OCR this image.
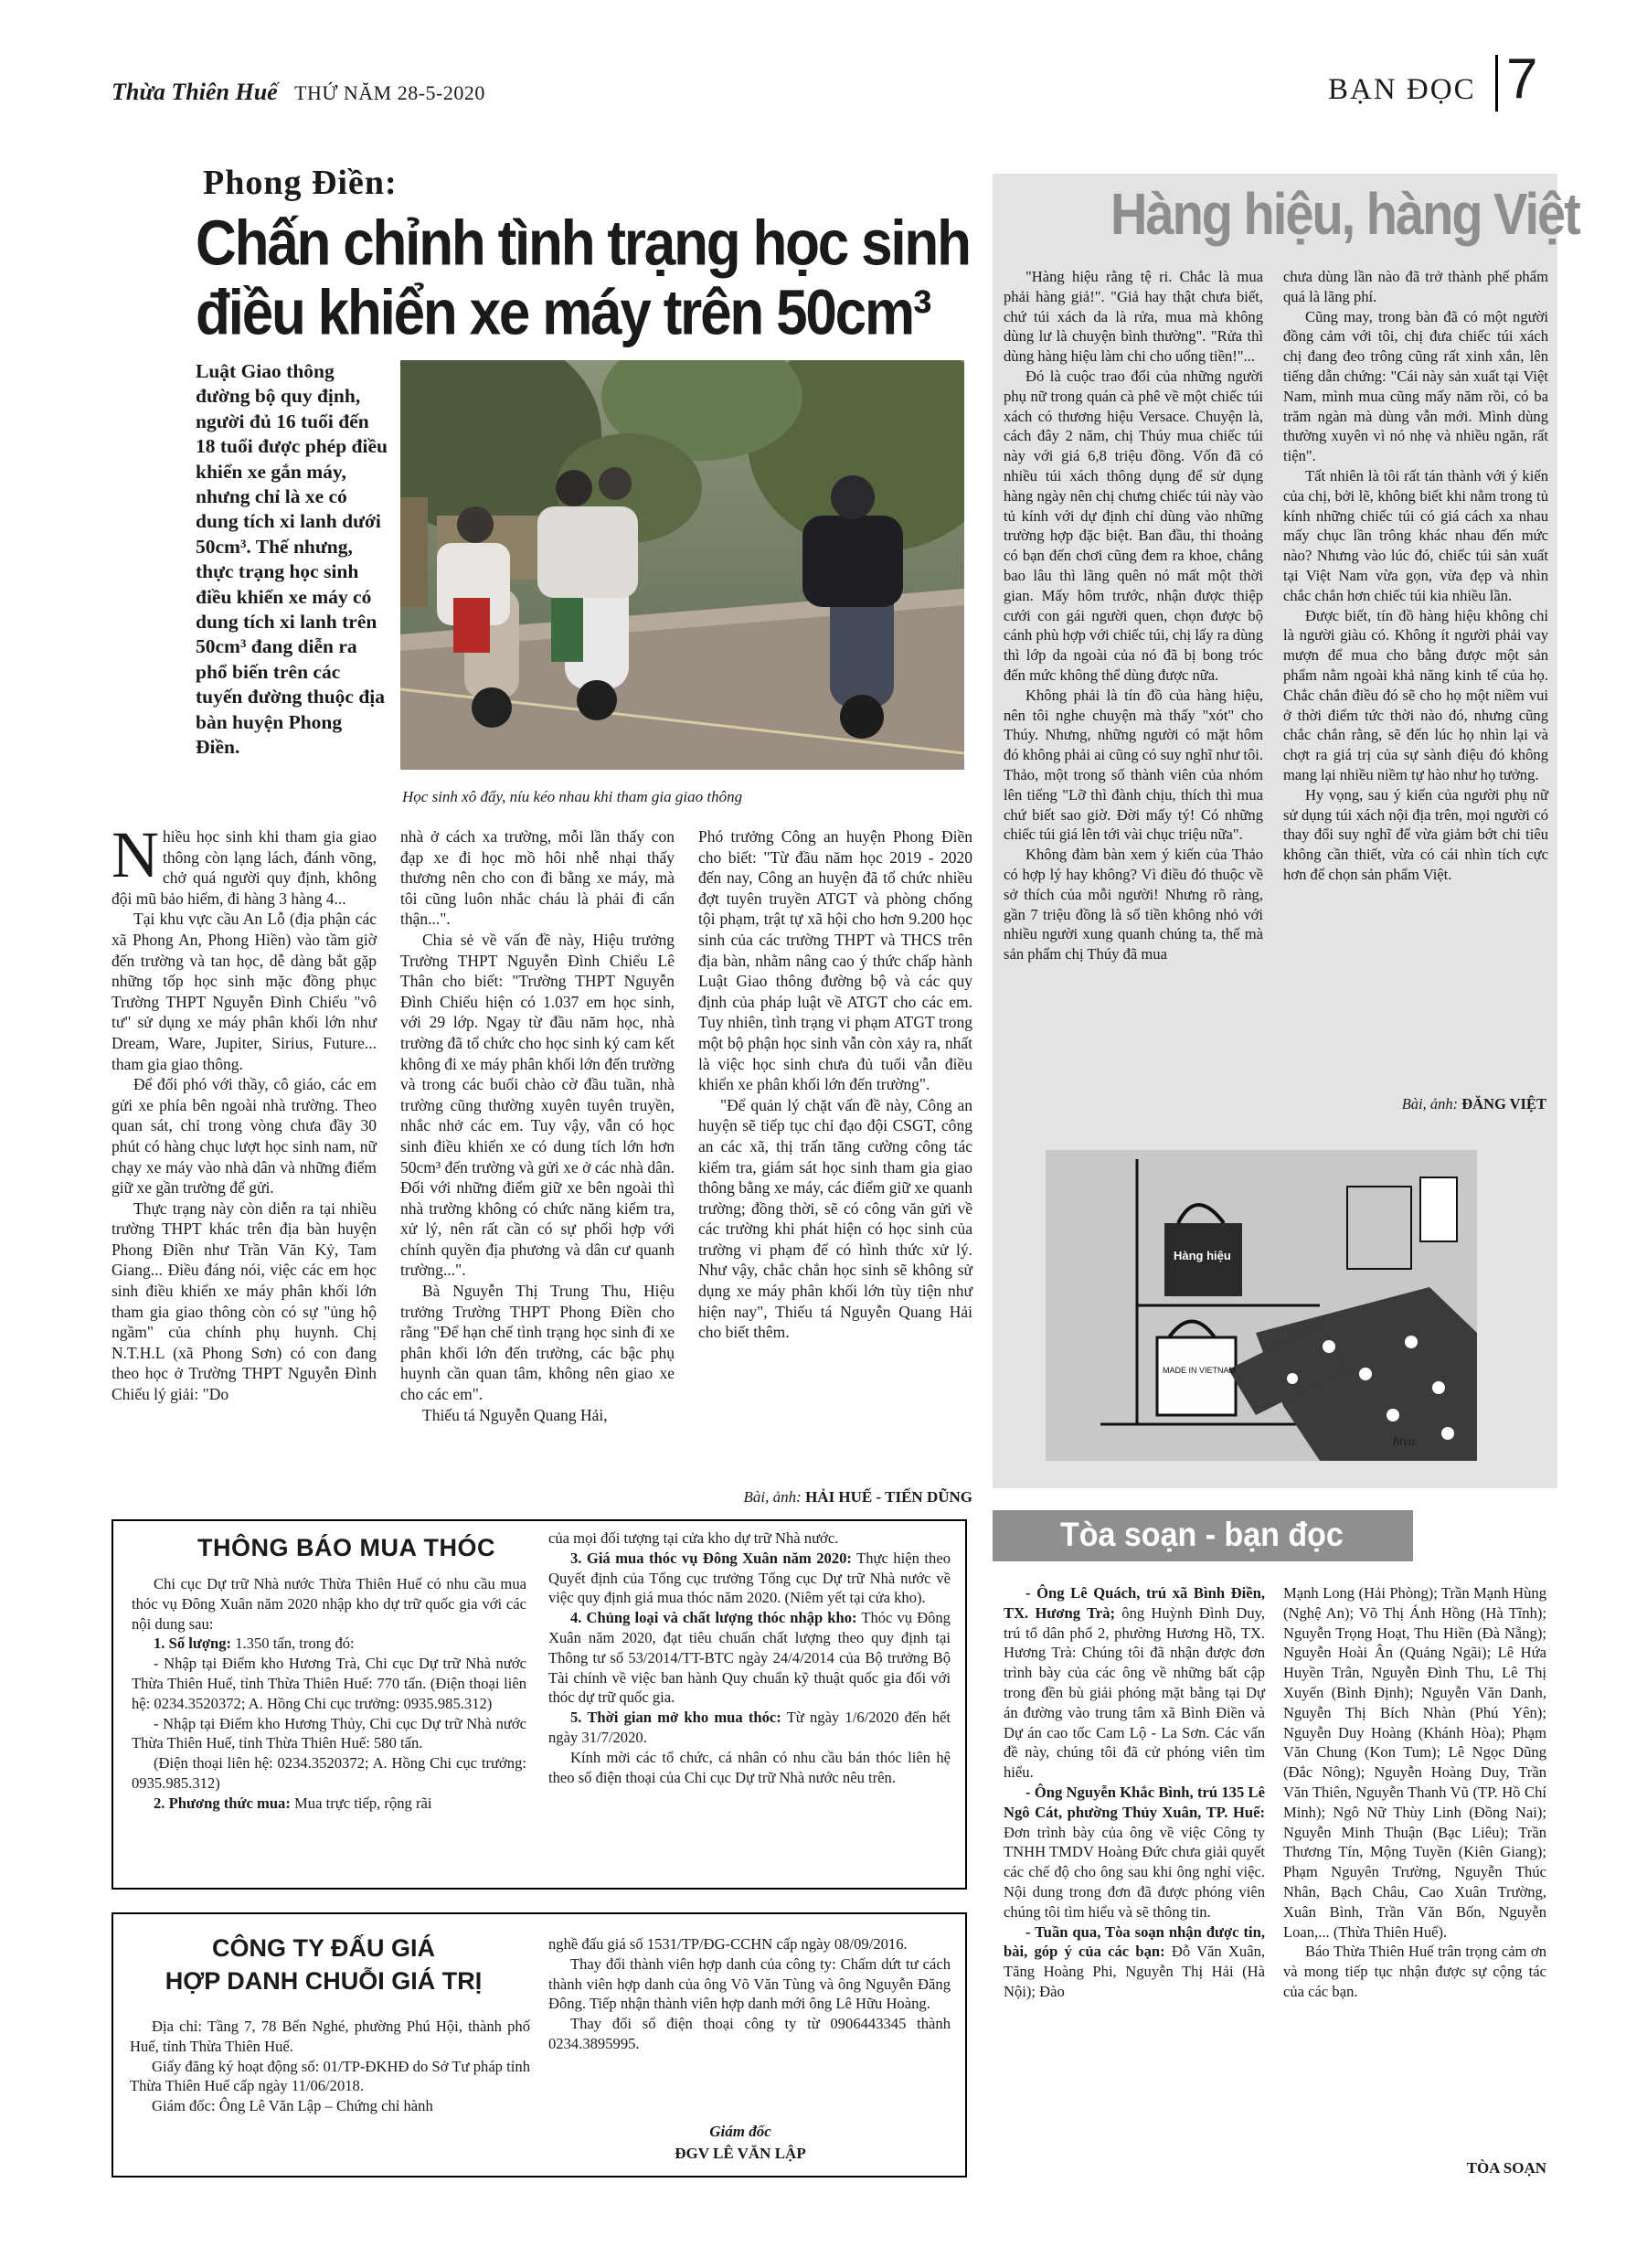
Thừa Thiên Huế THỨ NĂM 28-5-2020	BẠN ĐỌC 7
Phong Điền:
Chấn chỉnh tình trạng học sinh
điều khiển xe máy trên 50cm³
Luật Giao thông đường bộ quy định, người đủ 16 tuổi đến 18 tuổi được phép điều khiển xe gắn máy, nhưng chỉ là xe có dung tích xi lanh dưới 50cm³. Thế nhưng, thực trạng học sinh điều khiển xe máy có dung tích xi lanh trên 50cm³ đang diễn ra phổ biến trên các tuyến đường thuộc địa bàn huyện Phong Điền.
Học sinh xô đẩy, níu kéo nhau khi tham gia giao thông
N hiều học sinh khi tham gia giao thông còn lạng lách, đánh võng, chở quá người quy định, không đội mũ bảo hiểm, đi hàng 3 hàng 4...

Tại khu vực cầu An Lỗ (địa phận các xã Phong An, Phong Hiền) vào tầm giờ đến trường và tan học, dễ dàng bắt gặp những tốp học sinh mặc đồng phục Trường THPT Nguyễn Đình Chiểu "vô tư" sử dụng xe máy phân khối lớn như Dream, Ware, Jupiter, Sirius, Future... tham gia giao thông.

Để đối phó với thầy, cô giáo, các em gửi xe phía bên ngoài nhà trường. Theo quan sát, chỉ trong vòng chưa đầy 30 phút có hàng chục lượt học sinh nam, nữ chạy xe máy vào nhà dân và những điểm giữ xe gần trường để gửi.

Thực trạng này còn diễn ra tại nhiều trường THPT khác trên địa bàn huyện Phong Điền như Trần Văn Kỷ, Tam Giang... Điều đáng nói, việc các em học sinh điều khiển xe máy phân khối lớn tham gia giao thông còn có sự "ủng hộ ngầm" của chính phụ huynh. Chị N.T.H.L (xã Phong Sơn) có con đang theo học ở Trường THPT Nguyễn Đình Chiểu lý giải: "Do

nhà ở cách xa trường, mỗi lần thấy con đạp xe đi học mồ hôi nhễ nhại thấy thương nên cho con đi bằng xe máy, mà tôi cũng luôn nhắc cháu là phải đi cẩn thận...".

Chia sẻ về vấn đề này, Hiệu trưởng Trường THPT Nguyễn Đình Chiểu Lê Thân cho biết: "Trường THPT Nguyễn Đình Chiểu hiện có 1.037 em học sinh, với 29 lớp. Ngay từ đầu năm học, nhà trường đã tổ chức cho học sinh ký cam kết không đi xe máy phân khối lớn đến trường và trong các buổi chào cờ đầu tuần, nhà trường cũng thường xuyên tuyên truyền, nhắc nhở các em. Tuy vậy, vẫn có học sinh điều khiển xe có dung tích lớn hơn 50cm³ đến trường và gửi xe ở các nhà dân. Đối với những điểm giữ xe bên ngoài thì nhà trường không có chức năng kiểm tra, xử lý, nên rất cần có sự phối hợp với chính quyền địa phương và dân cư quanh trường...".

Bà Nguyễn Thị Trung Thu, Hiệu trưởng Trường THPT Phong Điền cho rằng "Để hạn chế tình trạng học sinh đi xe phân khối lớn đến trường, các bậc phụ huynh cần quan tâm, không nên giao xe cho các em".

Thiếu tá Nguyễn Quang Hải,

Phó trưởng Công an huyện Phong Điền cho biết: "Từ đầu năm học 2019 - 2020 đến nay, Công an huyện đã tổ chức nhiều đợt tuyên truyền ATGT và phòng chống tội phạm, trật tự xã hội cho hơn 9.200 học sinh của các trường THPT và THCS trên địa bàn, nhằm nâng cao ý thức chấp hành Luật Giao thông đường bộ và các quy định của pháp luật về ATGT cho các em. Tuy nhiên, tình trạng vi phạm ATGT trong một bộ phận học sinh vẫn còn xảy ra, nhất là việc học sinh chưa đủ tuổi vẫn điều khiển xe phân khối lớn đến trường".

"Để quản lý chặt vấn đề này, Công an huyện sẽ tiếp tục chỉ đạo đội CSGT, công an các xã, thị trấn tăng cường công tác kiểm tra, giám sát học sinh tham gia giao thông bằng xe máy, các điểm giữ xe quanh trường; đồng thời, sẽ có công văn gửi về các trường khi phát hiện có học sinh của trường vi phạm để có hình thức xử lý. Như vậy, chắc chắn học sinh sẽ không sử dụng xe máy phân khối lớn tùy tiện như hiện nay", Thiếu tá Nguyễn Quang Hải cho biết thêm.

Bài, ảnh: HẢI HUẾ - TIẾN DŨNG
Hàng hiệu, hàng Việt

"Hàng hiệu rằng tệ ri. Chắc là mua phải hàng giả!". "Giả hay thật chưa biết, chứ túi xách da là rửa, mua mà không dùng lư là chuyện bình thường". "Rửa thì dùng hàng hiệu làm chi cho uổng tiền!"...

Đó là cuộc trao đổi của những người phụ nữ trong quán cà phê về một chiếc túi xách có thương hiệu Versace. Chuyện là, cách đây 2 năm, chị Thúy mua chiếc túi này với giá 6,8 triệu đồng. Vốn đã có nhiều túi xách thông dụng để sử dụng hàng ngày nên chị chưng chiếc túi này vào tủ kính với dự định chỉ dùng vào những trường hợp đặc biệt. Ban đầu, thi thoảng có bạn đến chơi cũng đem ra khoe, chẳng bao lâu thì lãng quên nó mất một thời gian. Mấy hôm trước, nhận được thiệp cưới con gái người quen, chọn được bộ cánh phù hợp với chiếc túi, chị lấy ra dùng thì lớp da ngoài của nó đã bị bong tróc đến mức không thể dùng được nữa.

Không phải là tín đồ của hàng hiệu, nên tôi nghe chuyện mà thấy "xót" cho Thúy. Nhưng, những người có mặt hôm đó không phải ai cũng có suy nghĩ như tôi. Thảo, một trong số thành viên của nhóm lên tiếng "Lỡ thì đành chịu, thích thì mua chứ biết sao giờ. Đời mấy tý! Có những chiếc túi giá lên tới vài chục triệu nữa".

Không đàm bàn xem ý kiến của Thảo có hợp lý hay không? Vì điều đó thuộc về sở thích của mỗi người! Nhưng rõ ràng, gần 7 triệu đồng là số tiền không nhỏ với nhiều người xung quanh chúng ta, thế mà sản phẩm chị Thúy đã mua

chưa dùng lần nào đã trở thành phế phẩm quá là lãng phí.

Cũng may, trong bàn đã có một người đồng cảm với tôi, chị đưa chiếc túi xách chị đang đeo trông cũng rất xinh xắn, lên tiếng dẫn chứng: "Cái này sản xuất tại Việt Nam, mình mua cũng mấy năm rồi, có ba trăm ngàn mà dùng vẫn mới. Mình dùng thường xuyên vì nó nhẹ và nhiều ngăn, rất tiện".

Tất nhiên là tôi rất tán thành với ý kiến của chị, bởi lẽ, không biết khi nằm trong tủ kính những chiếc túi có giá cách xa nhau mấy chục lần trông khác nhau đến mức nào? Nhưng vào lúc đó, chiếc túi sản xuất tại Việt Nam vừa gọn, vừa đẹp và nhìn chắc chắn hơn chiếc túi kia nhiều lần.

Được biết, tín đồ hàng hiệu không chỉ là người giàu có. Không ít người phải vay mượn để mua cho bằng được một sản phẩm nằm ngoài khả năng kinh tế của họ. Chắc chắn điều đó sẽ cho họ một niềm vui ở thời điểm tức thời nào đó, nhưng cũng chắc chắn rằng, sẽ đến lúc họ nhìn lại và chợt ra giá trị của sự sành điệu đó không mang lại nhiều niềm tự hào như họ tưởng.

Hy vọng, sau ý kiến của người phụ nữ sử dụng túi xách nội địa trên, mọi người có thay đổi suy nghĩ để vừa giảm bớt chi tiêu không cần thiết, vừa có cái nhìn tích cực hơn để chọn sản phẩm Việt.

Bài, ảnh: ĐĂNG VIỆT
Hàng hiệu
MADE IN VIETNAM
htvu
THÔNG BÁO MUA THÓC

Chi cục Dự trữ Nhà nước Thừa Thiên Huế có nhu cầu mua thóc vụ Đông Xuân năm 2020 nhập kho dự trữ quốc gia với các nội dung sau:

1. Số lượng: 1.350 tấn, trong đó:

- Nhập tại Điểm kho Hương Trà, Chi cục Dự trữ Nhà nước Thừa Thiên Huế, tỉnh Thừa Thiên Huế: 770 tấn. (Điện thoại liên hệ: 0234.3520372; A. Hồng Chi cục trưởng: 0935.985.312)

- Nhập tại Điểm kho Hương Thủy, Chi cục Dự trữ Nhà nước Thừa Thiên Huế, tỉnh Thừa Thiên Huế: 580 tấn.

(Điện thoại liên hệ: 0234.3520372; A. Hồng Chi cục trưởng: 0935.985.312)

2. Phương thức mua: Mua trực tiếp, rộng rãi

của mọi đối tượng tại cửa kho dự trữ Nhà nước.

3. Giá mua thóc vụ Đông Xuân năm 2020: Thực hiện theo Quyết định của Tổng cục trưởng Tổng cục Dự trữ Nhà nước về việc quy định giá mua thóc năm 2020. (Niêm yết tại cửa kho).

4. Chủng loại và chất lượng thóc nhập kho: Thóc vụ Đông Xuân năm 2020, đạt tiêu chuẩn chất lượng theo quy định tại Thông tư số 53/2014/TT-BTC ngày 24/4/2014 của Bộ trưởng Bộ Tài chính về việc ban hành Quy chuẩn kỹ thuật quốc gia đối với thóc dự trữ quốc gia.

5. Thời gian mở kho mua thóc: Từ ngày 1/6/2020 đến hết ngày 31/7/2020.

Kính mời các tổ chức, cá nhân có nhu cầu bán thóc liên hệ theo số điện thoại của Chi cục Dự trữ Nhà nước nêu trên.

CÔNG TY ĐẤU GIÁ
HỢP DANH CHUỖI GIÁ TRỊ

Địa chỉ: Tầng 7, 78 Bến Nghé, phường Phú Hội, thành phố Huế, tỉnh Thừa Thiên Huế.

Giấy đăng ký hoạt động số: 01/TP-ĐKHĐ do Sở Tư pháp tỉnh Thừa Thiên Huế cấp ngày 11/06/2018.

Giám đốc: Ông Lê Văn Lập – Chứng chỉ hành

nghề đấu giá số 1531/TP/ĐG-CCHN cấp ngày 08/09/2016.

Thay đổi thành viên hợp danh của công ty: Chấm dứt tư cách thành viên hợp danh của ông Võ Văn Tùng và ông Nguyễn Đăng Đông. Tiếp nhận thành viên hợp danh mới ông Lê Hữu Hoàng.

Thay đổi số điện thoại công ty từ 0906443345 thành 0234.3895995.

Giám đốc
ĐGV LÊ VĂN LẬP
Tòa soạn - bạn đọc

- Ông Lê Quách, trú xã Bình Điền, TX. Hương Trà; ông Huỳnh Đình Duy, trú tổ dân phố 2, phường Hương Hồ, TX. Hương Trà: Chúng tôi đã nhận được đơn trình bày của các ông về những bất cập trong đền bù giải phóng mặt bằng tại Dự án đường vào trung tâm xã Bình Điền và Dự án cao tốc Cam Lộ - La Sơn. Các vấn đề này, chúng tôi đã cử phóng viên tìm hiểu.

- Ông Nguyễn Khắc Bình, trú 135 Lê Ngô Cát, phường Thủy Xuân, TP. Huế: Đơn trình bày của ông về việc Công ty TNHH TMDV Hoàng Đức chưa giải quyết các chế độ cho ông sau khi ông nghỉ việc. Nội dung trong đơn đã được phóng viên chúng tôi tìm hiểu và sẽ thông tin.

- Tuần qua, Tòa soạn nhận được tin, bài, góp ý của các bạn: Đỗ Văn Xuân, Tăng Hoàng Phi, Nguyễn Thị Hải (Hà Nội); Đào

Mạnh Long (Hải Phòng); Trần Mạnh Hùng (Nghệ An); Võ Thị Ánh Hồng (Hà Tĩnh); Nguyễn Trọng Hoạt, Thu Hiền (Đà Nẵng); Nguyễn Hoài Ân (Quảng Ngãi); Lê Hứa Huyền Trân, Nguyễn Đình Thu, Lê Thị Xuyến (Bình Định); Nguyễn Văn Danh, Nguyễn Thị Bích Nhàn (Phú Yên); Nguyễn Duy Hoàng (Khánh Hòa); Phạm Văn Chung (Kon Tum); Lê Ngọc Dũng (Đắc Nông); Nguyễn Hoàng Duy, Trần Văn Thiên, Nguyễn Thanh Vũ (TP. Hồ Chí Minh); Ngô Nữ Thùy Linh (Đồng Nai); Nguyễn Minh Thuận (Bạc Liêu); Trần Thương Tín, Mộng Tuyền (Kiên Giang); Phạm Nguyên Trường, Nguyễn Thúc Nhân, Bạch Châu, Cao Xuân Trường, Xuân Bình, Trần Văn Bốn, Nguyễn Loan,... (Thừa Thiên Huế).

Báo Thừa Thiên Huế trân trọng cảm ơn và mong tiếp tục nhận được sự cộng tác của các bạn.

TÒA SOẠN
